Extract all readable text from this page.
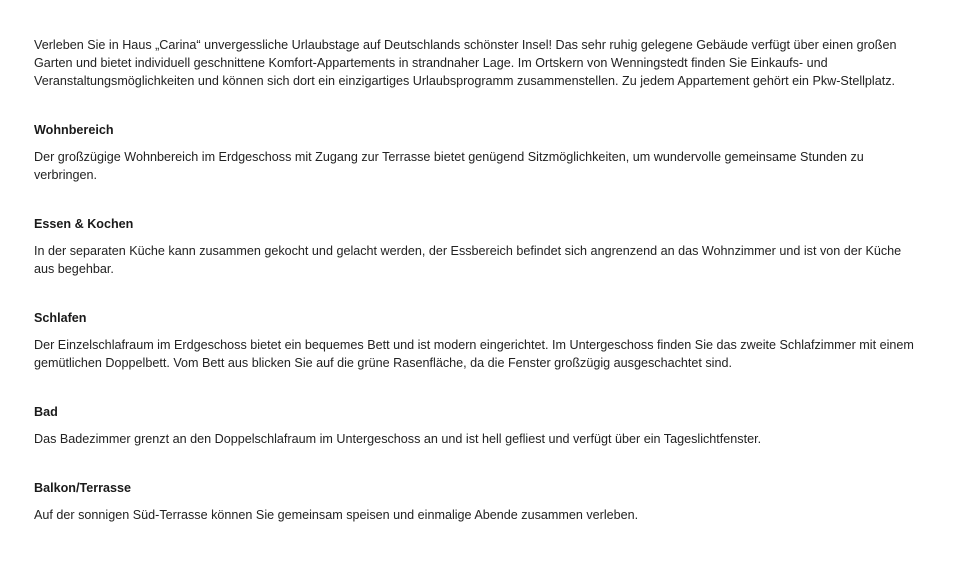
Verleben Sie in Haus „Carina“ unvergessliche Urlaubstage auf Deutschlands schönster Insel! Das sehr ruhig gelegene Gebäude verfügt über einen großen Garten und bietet individuell geschnittene Komfort-Appartements in strandnaher Lage. Im Ortskern von Wenningstedt finden Sie Einkaufs- und Veranstaltungsmöglichkeiten und können sich dort ein einzigartiges Urlaubsprogramm zusammenstellen. Zu jedem Appartement gehört ein Pkw-Stellplatz.

Wohnbereich

Der großzügige Wohnbereich im Erdgeschoss mit Zugang zur Terrasse bietet genügend Sitzmöglichkeiten, um wundervolle gemeinsame Stunden zu verbringen.

Essen & Kochen

In der separaten Küche kann zusammen gekocht und gelacht werden, der Essbereich befindet sich angrenzend an das Wohnzimmer und ist von der Küche aus begehbar.

Schlafen

Der Einzelschlafraum im Erdgeschoss bietet ein bequemes Bett und ist modern eingerichtet. Im Untergeschoss finden Sie das zweite Schlafzimmer mit einem gemütlichen Doppelbett. Vom Bett aus blicken Sie auf die grüne Rasenfläche, da die Fenster großzügig ausgeschachtet sind.

Bad

Das Badezimmer grenzt an den Doppelschlafraum im Untergeschoss an und ist hell gefliest und verfügt über ein Tageslichtfenster.

Balkon/Terrasse

Auf der sonnigen Süd-Terrasse können Sie gemeinsam speisen und einmalige Abende zusammen verleben.
